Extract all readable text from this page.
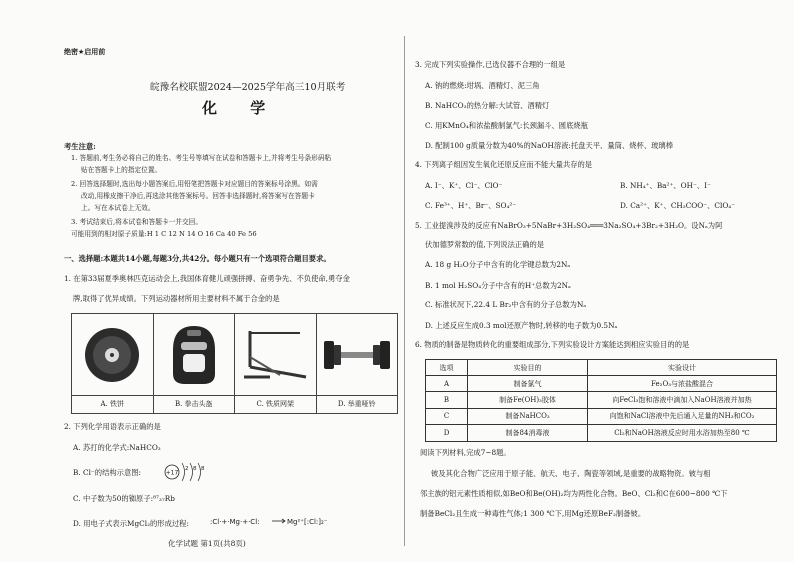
绝密★启用前
皖豫名校联盟2024—2025学年高三10月联考
化 学
考生注意:
1. 答题前,考生务必将自己的姓名、考生号等填写在试卷和答题卡上,并将考生号条形码粘
贴在答题卡上的指定位置。
2. 回答选择题时,选出每小题答案后,用铅笔把答题卡对应题目的答案标号涂黑。如需
改动,用橡皮擦干净后,再选涂其他答案标号。回答非选择题时,将答案写在答题卡
上。写在本试卷上无效。
3. 考试结束后,将本试卷和答题卡一并交回。
可能用到的相对原子质量:H 1 C 12 N 14 O 16 Ca 40 Fe 56
一、选择题:本题共14小题,每题3分,共42分。每小题只有一个选项符合题目要求。
1. 在第33届夏季奥林匹克运动会上,我国体育健儿顽强拼搏、奋勇争先、不负使命,勇夺金
牌,取得了优异成绩。下列运动器材所用主要材料不属于合金的是
A. 铁饼	B. 拳击头盔	C. 铁质网架	D. 举重哑铃
2. 下列化学用语表示正确的是
A. 苏打的化学式:NaHCO₃
B. Cl⁻的结构示意图:	+17
2 8 8
C. 中子数为50的铷原子:⁸⁷₃₇Rb
D. 用电子式表示MgCl₂的形成过程:	:Cl·+·Mg·+·Cl:	Mg²⁺[:Cl:]₂⁻
化学试题 第1页(共8页)
3. 完成下列实验操作,已选仪器不合理的一组是
A. 钠的燃烧:坩埚、酒精灯、泥三角
B. NaHCO₃的热分解:大试管、酒精灯
C. 用KMnO₄和浓盐酸制氯气:长颈漏斗、圆底烧瓶
D. 配制100 g质量分数为40%的NaOH溶液:托盘天平、量筒、烧杯、玻璃棒
4. 下列离子组因发生氧化还原反应而不能大量共存的是
A. I⁻、K⁺、Cl⁻、ClO⁻	B. NH₄⁺、Ba²⁺、OH⁻、I⁻
C. Fe³⁺、H⁺、Br⁻、SO₄²⁻	D. Ca²⁺、K⁺、CH₃COO⁻、ClO₄⁻
5. 工业提溴涉及的反应有NaBrO₃+5NaBr+3H₂SO₄═══3Na₂SO₄+3Br₂+3H₂O。设Nₐ为阿
伏加德罗常数的值,下列说法正确的是
A. 18 g H₂O分子中含有的化学键总数为2Nₐ
B. 1 mol H₂SO₄分子中含有的H⁺总数为2Nₐ
C. 标准状况下,22.4 L Br₂中含有的分子总数为Nₐ
D. 上述反应生成0.3 mol还原产物时,转移的电子数为0.5Nₐ
6. 物质的制备是物质转化的重要组成部分,下列实验设计方案能达到相应实验目的的是
阅读下列材料,完成7~8题。
铍及其化合物广泛应用于原子能、航天、电子、陶瓷等领域,是重要的战略物资。铍与相
邻主族的铝元素性质相似,如BeO和Be(OH)₂均为两性化合物。BeO、Cl₂和C在600~800 ℃下
制备BeCl₂且生成一种毒性气体;1 300 ℃下,用Mg还原BeF₂制备铍。
选项	实验目的	实验设计
A	制备氯气	Fe₂O₃与浓盐酸混合
B	制备Fe(OH)₃胶体	向FeCl₃饱和溶液中滴加入NaOH溶液并加热
C	制备NaHCO₃	向饱和NaCl溶液中先后通入足量的NH₃和CO₂
D	制备84消毒液	Cl₂和NaOH溶液反应时用水浴加热至80 ℃
